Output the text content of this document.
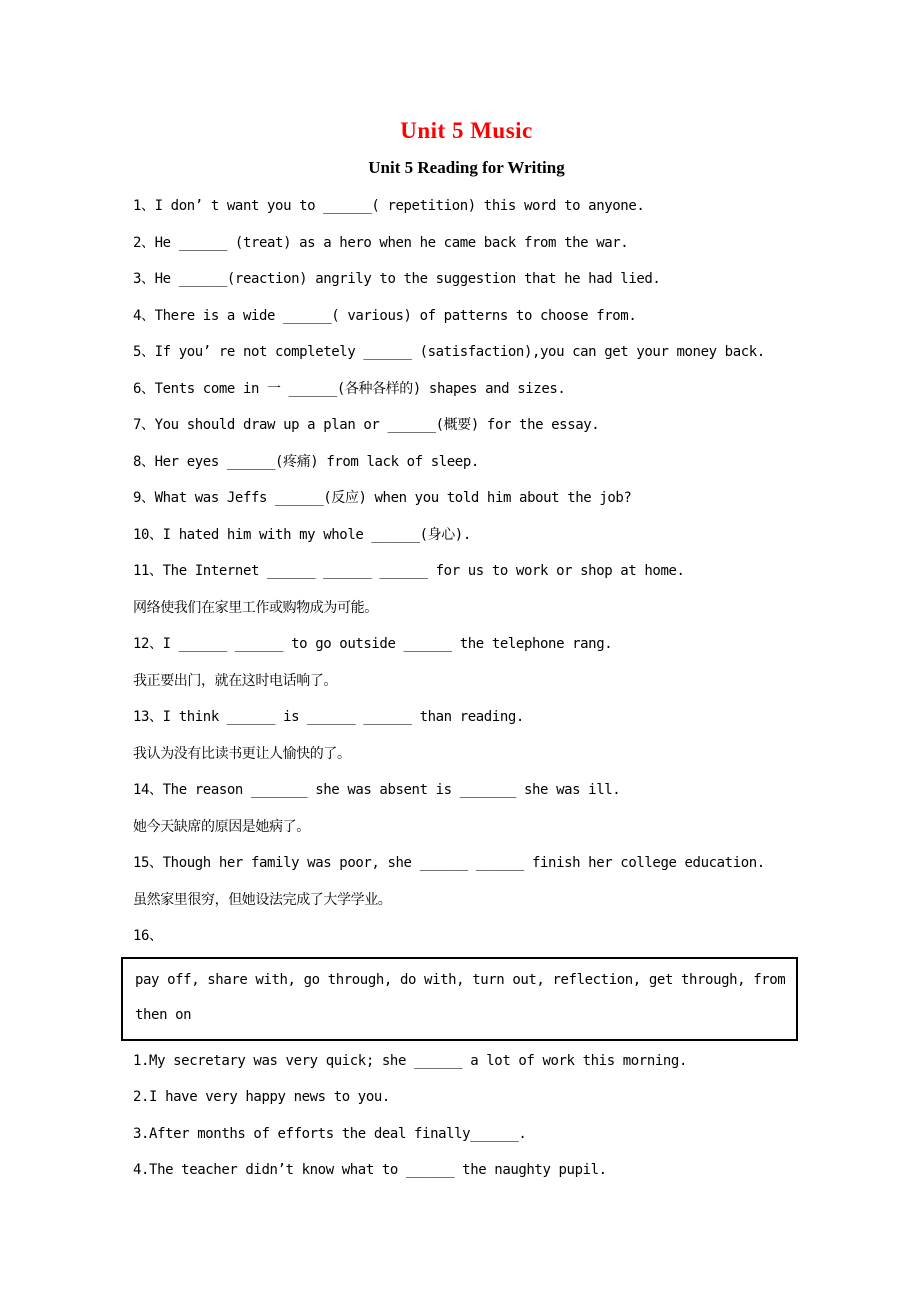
Unit 5 Music
Unit 5 Reading for Writing

1、I don’ t want you to ______( repetition) this word to anyone.

2、He ______ (treat) as a hero when he came back from the war.

3、He ______(reaction) angrily to the suggestion that he had lied.

4、There is a wide ______( various) of patterns to choose from.

5、If you’ re not completely ______ (satisfaction),you can get your money back.

6、Tents come in 一 ______(各种各样的) shapes and sizes.

7、You should draw up a plan or ______(概要) for the essay.

8、Her eyes ______(疼痛) from lack of sleep.

9、What was Jeffs ______(反应) when you told him about the job?

10、I hated him with my whole ______(身心).

11、The Internet ______ ______ ______ for us to work or shop at home.

网络使我们在家里工作或购物成为可能。

12、I ______ ______ to go outside ______ the telephone rang.

我正要出门，就在这时电话响了。

13、I think ______ is ______ ______ than reading.

我认为没有比读书更让人愉快的了。

14、The reason _______ she was absent is _______ she was ill.

她今天缺席的原因是她病了。

15、Though her family was poor, she ______ ______ finish her college education.

虽然家里很穷，但她设法完成了大学学业。

16、

pay off, share with, go through, do with, turn out, reflection, get through, from

then on

1.My secretary was very quick; she ______ a lot of work this morning.

2.I have very happy news to you.

3.After months of efforts the deal finally______.

4.The teacher didn’t know what to ______ the naughty pupil.
